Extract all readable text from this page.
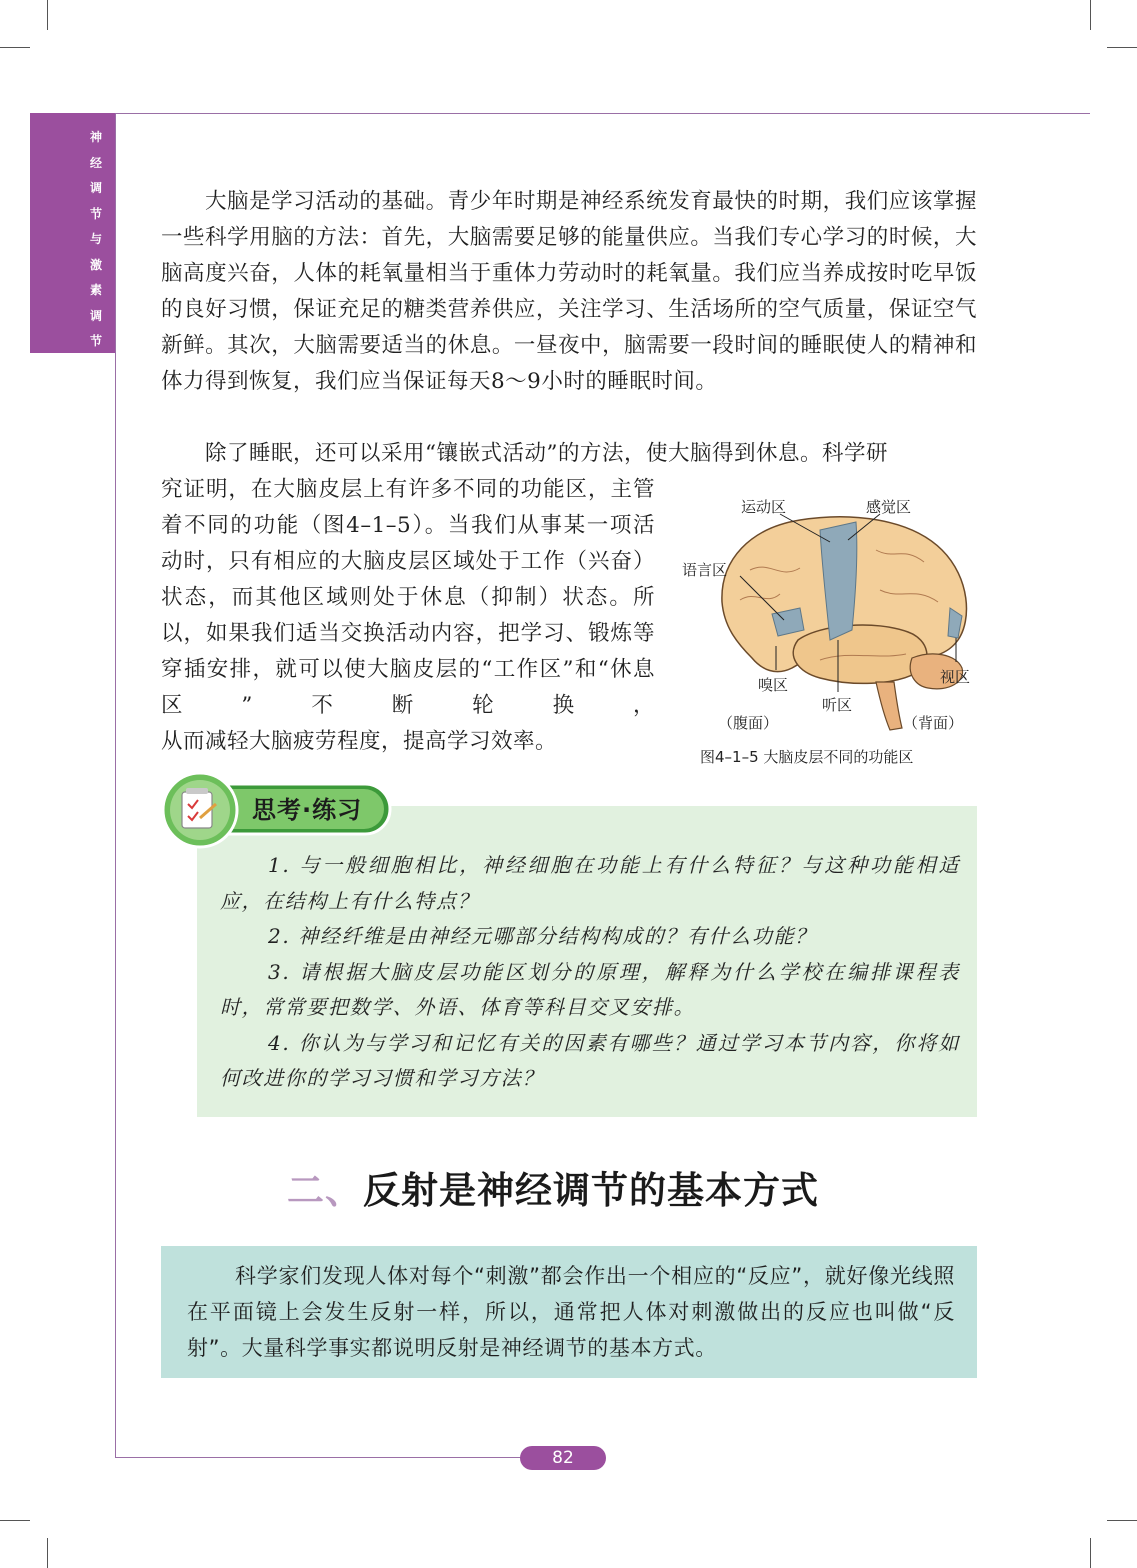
神经调节与激素调节

大脑是学习活动的基础。青少年时期是神经系统发育最快的时期，我们应该掌握一些科学用脑的方法：首先，大脑需要足够的能量供应。当我们专心学习的时候，大脑高度兴奋，人体的耗氧量相当于重体力劳动时的耗氧量。我们应当养成按时吃早饭的良好习惯，保证充足的糖类营养供应，关注学习、生活场所的空气质量，保证空气新鲜。其次，大脑需要适当的休息。一昼夜中，脑需要一段时间的睡眠使人的精神和体力得到恢复，我们应当保证每天8～9小时的睡眠时间。

除了睡眠，还可以采用“镶嵌式活动”的方法，使大脑得到休息。科学研

究证明，在大脑皮层上有许多不同的功能区，主管着不同的功能（图4–1–5）。当我们从事某一项活动时，只有相应的大脑皮层区域处于工作（兴奋）状态，而其他区域则处于休息（抑制）状态。所以，如果我们适当交换活动内容，把学习、锻炼等穿插安排，就可以使大脑皮层的“工作区”和“休息区”不断轮换，
从而减轻大脑疲劳程度，提高学习效率。

运动区	感觉区
语言区
嗅区
听区
视区
（腹面）	（背面）
图4–1–5 大脑皮层不同的功能区
思考·练习

1. 与一般细胞相比，神经细胞在功能上有什么特征？与这种功能相适应，在结构上有什么特点？

2. 神经纤维是由神经元哪部分结构构成的？有什么功能？

3. 请根据大脑皮层功能区划分的原理，解释为什么学校在编排课程表时，常常要把数学、外语、体育等科目交叉安排。

4. 你认为与学习和记忆有关的因素有哪些？通过学习本节内容，你将如何改进你的学习习惯和学习方法？

二、反射是神经调节的基本方式

科学家们发现人体对每个“刺激”都会作出一个相应的“反应”，就好像光线照在平面镜上会发生反射一样，所以，通常把人体对刺激做出的反应也叫做“反射”。大量科学事实都说明反射是神经调节的基本方式。

82
